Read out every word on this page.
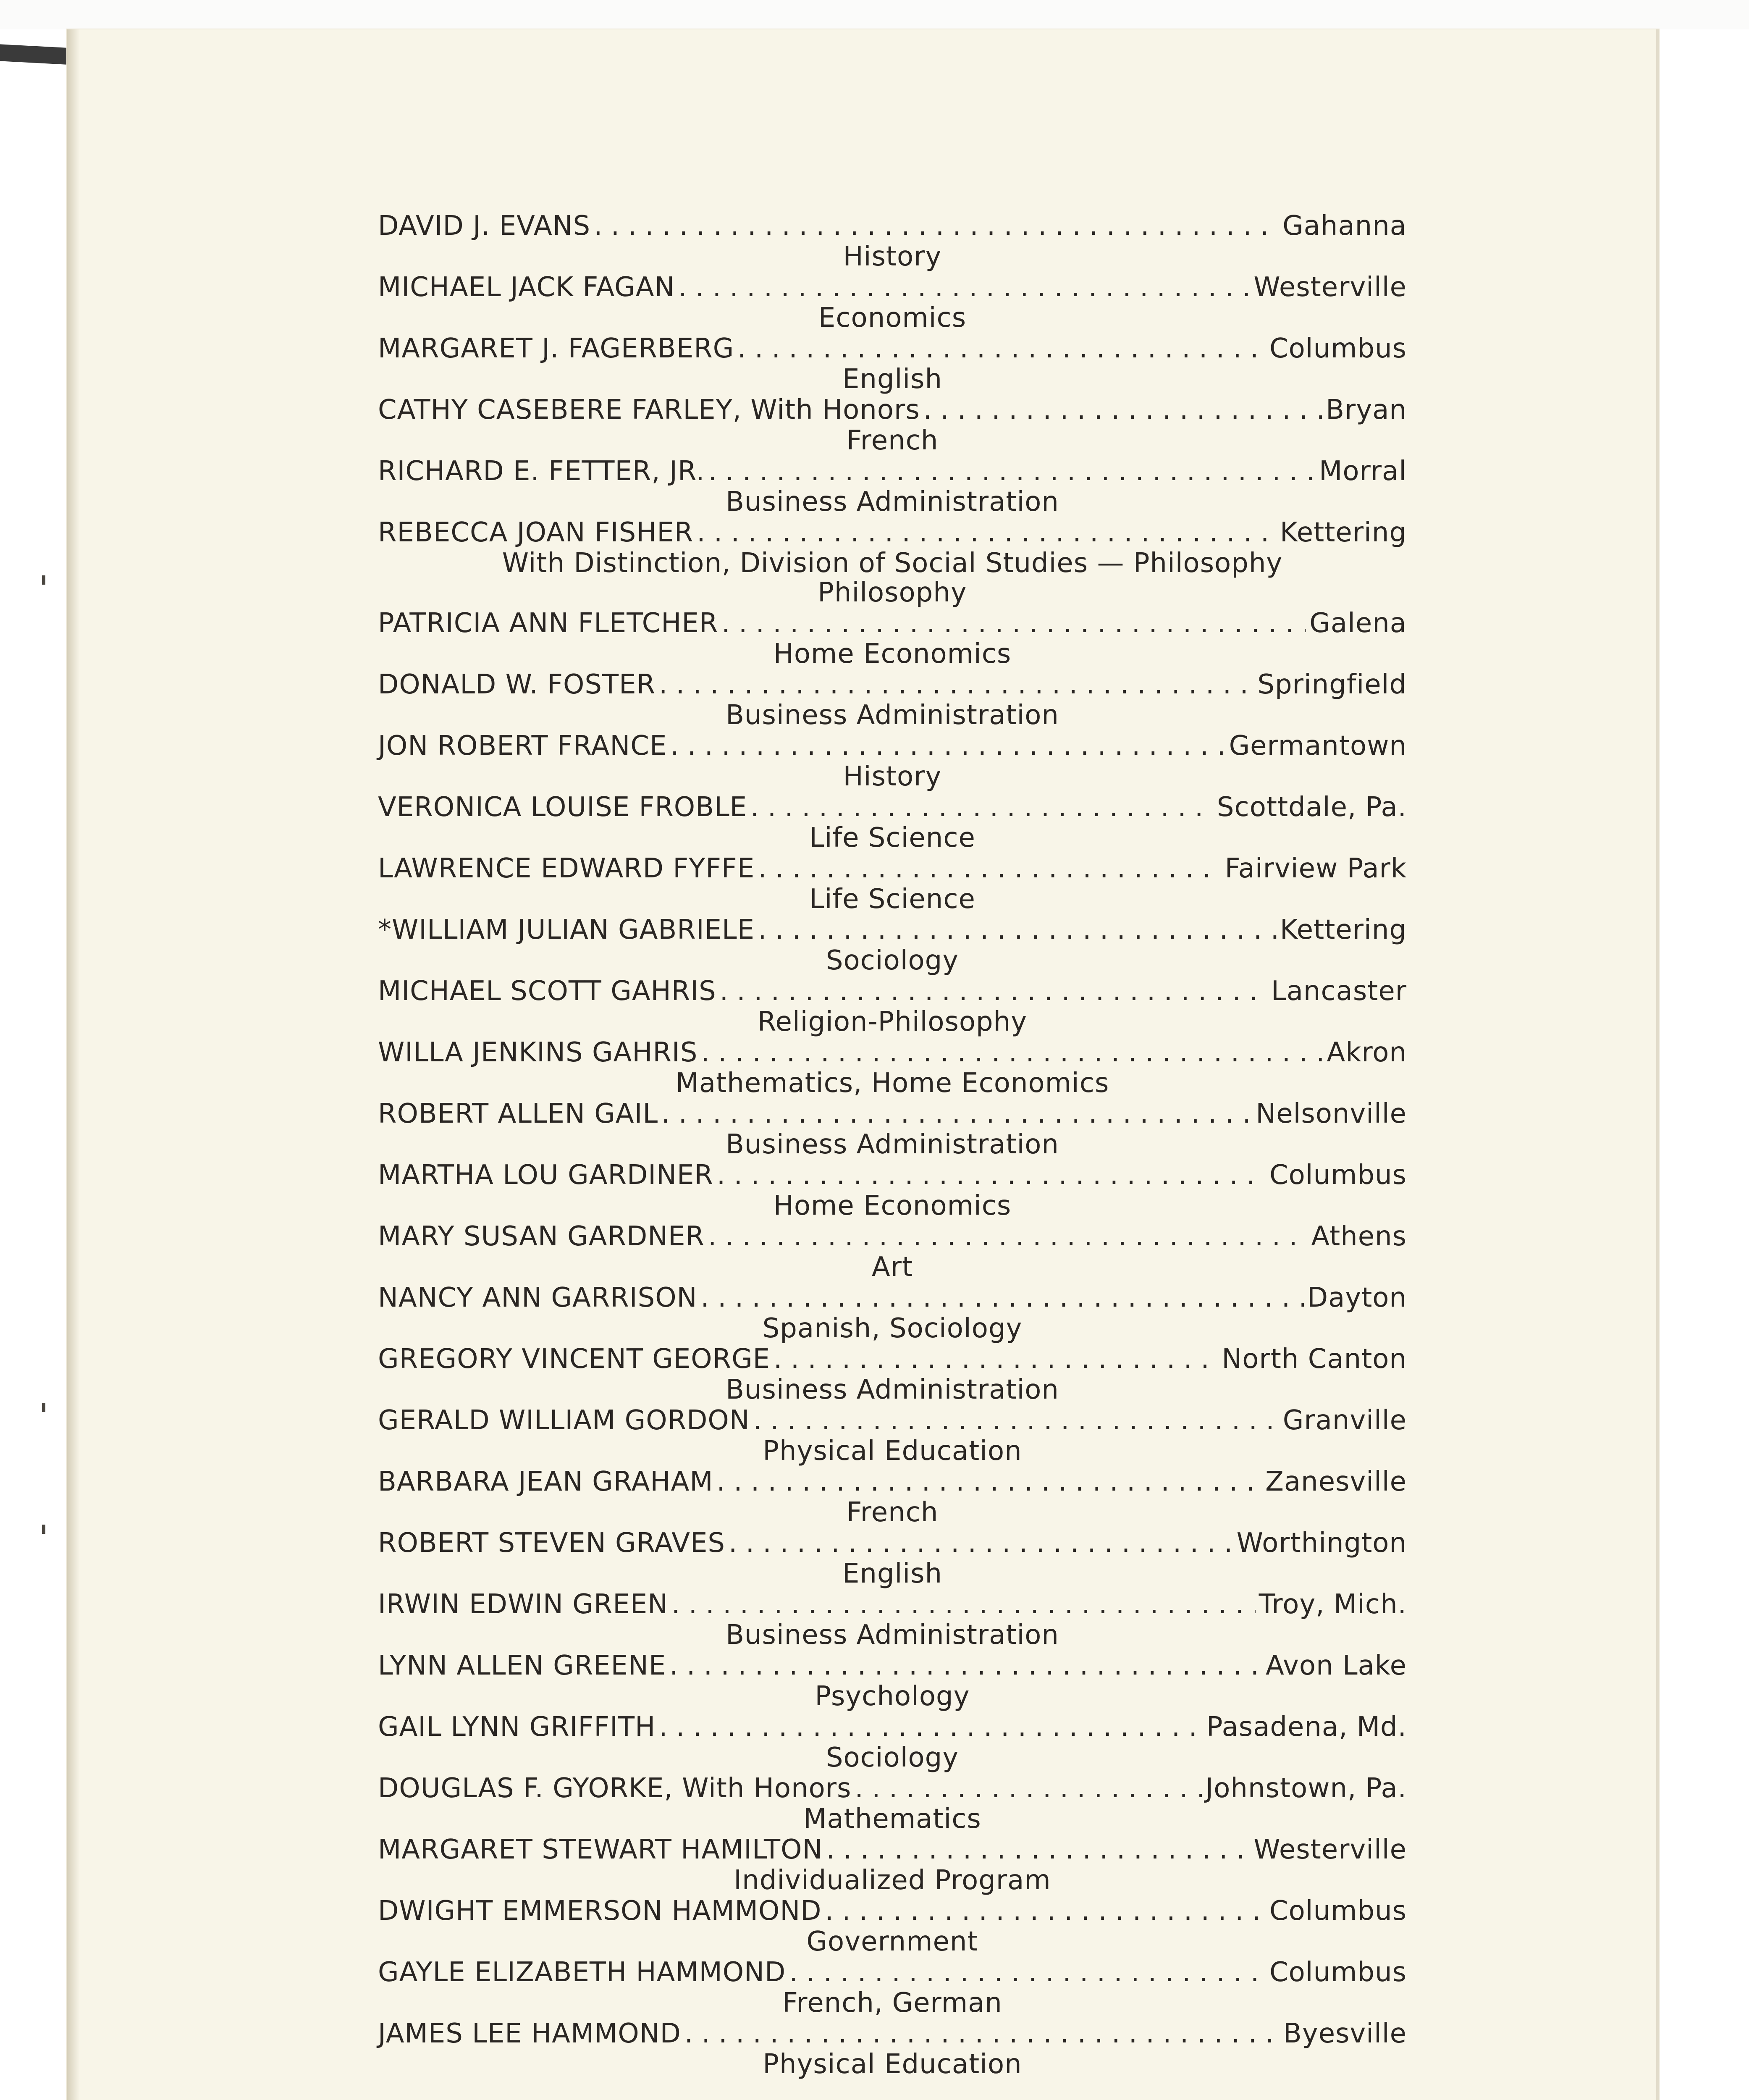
DAVID J. EVANS . . .	Gahanna
History
MICHAEL JACK FAGAN . . .	Westerville
Economics
MARGARET J. FAGERBERG . . .	Columbus
English
CATHY CASEBERE FARLEY, With Honors . . .	Bryan
French
RICHARD E. FETTER, JR. . . .	Morral
Business Administration
REBECCA JOAN FISHER . . .	Kettering
With Distinction, Division of Social Studies — Philosophy
Philosophy
PATRICIA ANN FLETCHER . . .	Galena
Home Economics
DONALD W. FOSTER . . .	Springfield
Business Administration
JON ROBERT FRANCE . . .	Germantown
History
VERONICA LOUISE FROBLE . . .	Scottdale, Pa.
Life Science
LAWRENCE EDWARD FYFFE . . .	Fairview Park
Life Science
*WILLIAM JULIAN GABRIELE . . .	Kettering
Sociology
MICHAEL SCOTT GAHRIS . . .	Lancaster
Religion-Philosophy
WILLA JENKINS GAHRIS . . .	Akron
Mathematics, Home Economics
ROBERT ALLEN GAIL . . .	Nelsonville
Business Administration
MARTHA LOU GARDINER . . .	Columbus
Home Economics
MARY SUSAN GARDNER . . .	Athens
Art
NANCY ANN GARRISON . . .	Dayton
Spanish, Sociology
GREGORY VINCENT GEORGE . . .	North Canton
Business Administration
GERALD WILLIAM GORDON . . .	Granville
Physical Education
BARBARA JEAN GRAHAM . . .	Zanesville
French
ROBERT STEVEN GRAVES . . .	Worthington
English
IRWIN EDWIN GREEN . . .	Troy, Mich.
Business Administration
LYNN ALLEN GREENE . . .	Avon Lake
Psychology
GAIL LYNN GRIFFITH . . .	Pasadena, Md.
Sociology
DOUGLAS F. GYORKE, With Honors . . .	Johnstown, Pa.
Mathematics
MARGARET STEWART HAMILTON . . .	Westerville
Individualized Program
DWIGHT EMMERSON HAMMOND . . .	Columbus
Government
GAYLE ELIZABETH HAMMOND . . .	Columbus
French, German
JAMES LEE HAMMOND . . .	Byesville
Physical Education
